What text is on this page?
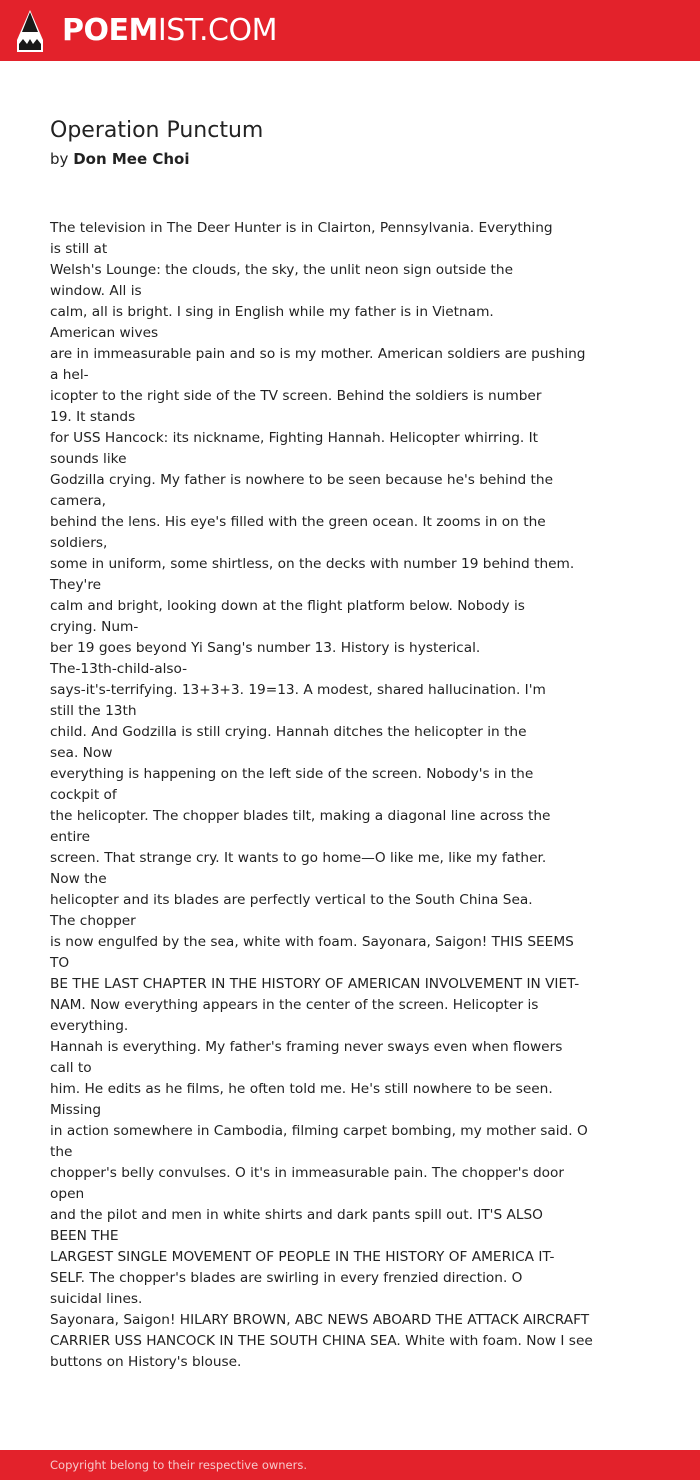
POEMIST.COM
Operation Punctum
by Don Mee Choi
The television in The Deer Hunter is in Clairton, Pennsylvania. Everything
is still at
Welsh's Lounge: the clouds, the sky, the unlit neon sign outside the
window. All is
calm, all is bright. I sing in English while my father is in Vietnam.
American wives
are in immeasurable pain and so is my mother. American soldiers are pushing
a hel-
icopter to the right side of the TV screen. Behind the soldiers is number
19. It stands
for USS Hancock: its nickname, Fighting Hannah. Helicopter whirring. It
sounds like
Godzilla crying. My father is nowhere to be seen because he's behind the
camera,
behind the lens. His eye's filled with the green ocean. It zooms in on the
soldiers,
some in uniform, some shirtless, on the decks with number 19 behind them.
They're
calm and bright, looking down at the flight platform below. Nobody is
crying. Num-
ber 19 goes beyond Yi Sang's number 13. History is hysterical.
The-13th-child-also-
says-it's-terrifying. 13+3+3. 19=13. A modest, shared hallucination. I'm
still the 13th
child. And Godzilla is still crying. Hannah ditches the helicopter in the
sea. Now
everything is happening on the left side of the screen. Nobody's in the
cockpit of
the helicopter. The chopper blades tilt, making a diagonal line across the
entire
screen. That strange cry. It wants to go home—O like me, like my father.
Now the
helicopter and its blades are perfectly vertical to the South China Sea.
The chopper
is now engulfed by the sea, white with foam. Sayonara, Saigon! THIS SEEMS
TO
BE THE LAST CHAPTER IN THE HISTORY OF AMERICAN INVOLVEMENT IN VIET-
NAM. Now everything appears in the center of the screen. Helicopter is
everything.
Hannah is everything. My father's framing never sways even when flowers
call to
him. He edits as he films, he often told me. He's still nowhere to be seen.
Missing
in action somewhere in Cambodia, filming carpet bombing, my mother said. O
the
chopper's belly convulses. O it's in immeasurable pain. The chopper's door
open
and the pilot and men in white shirts and dark pants spill out. IT'S ALSO
BEEN THE
LARGEST SINGLE MOVEMENT OF PEOPLE IN THE HISTORY OF AMERICA IT-
SELF. The chopper's blades are swirling in every frenzied direction. O
suicidal lines.
Sayonara, Saigon! HILARY BROWN, ABC NEWS ABOARD THE ATTACK AIRCRAFT
CARRIER USS HANCOCK IN THE SOUTH CHINA SEA. White with foam. Now I see
buttons on History's blouse.
Copyright belong to their respective owners.
